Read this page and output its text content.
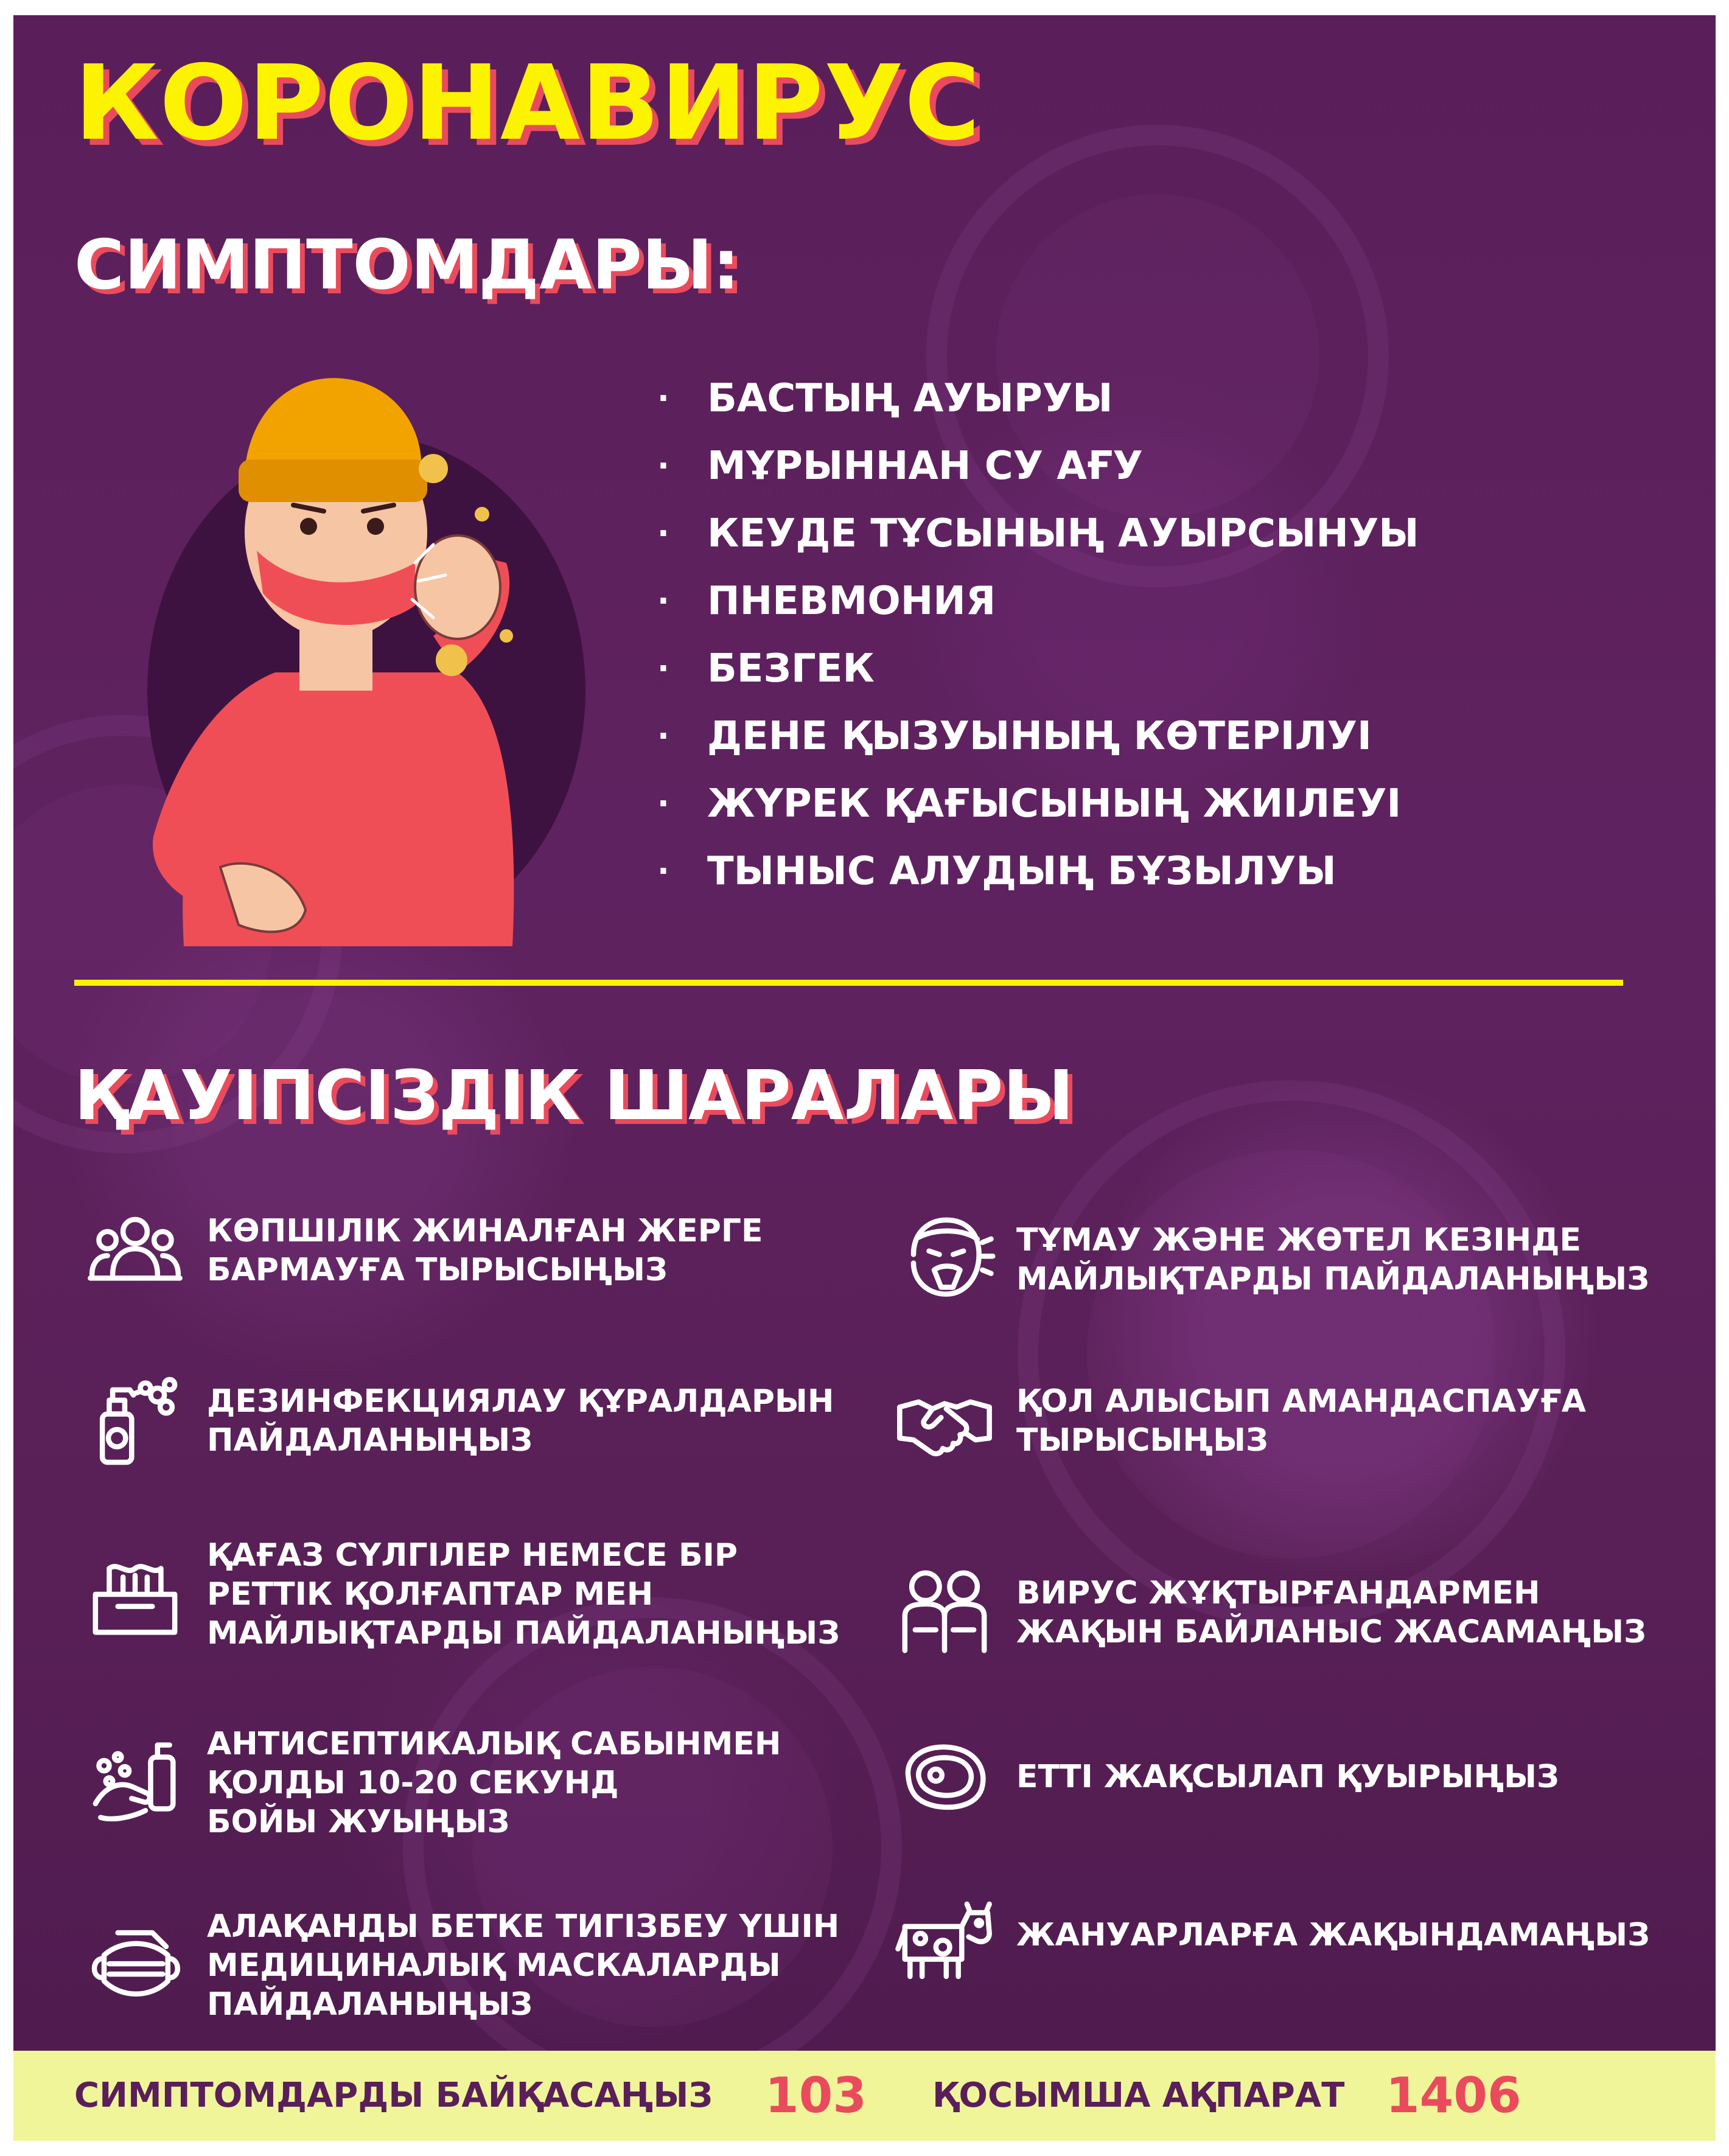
КОРОНАВИРУС
СИМПТОМДАРЫ:
· БАСТЫҢ АУЫРУЫ
· МҰРЫННАН СУ АҒУ
· КЕУДЕ ТҰСЫНЫҢ АУЫРСЫНУЫ
· ПНЕВМОНИЯ
· БЕЗГЕК
· ДЕНЕ ҚЫЗУЫНЫҢ КӨТЕРІЛУІ
· ЖҮРЕК ҚАҒЫСЫНЫҢ ЖИІЛЕУІ
· ТЫНЫС АЛУДЫҢ БҰЗЫЛУЫ
ҚАУІПСІЗДІК ШАРАЛАРЫ
КӨПШІЛІК ЖИНАЛҒАН ЖЕРГЕ
БАРМАУҒА ТЫРЫСЫҢЫЗ
ДЕЗИНФЕКЦИЯЛАУ ҚҰРАЛДАРЫН
ПАЙДАЛАНЫҢЫЗ
ҚАҒАЗ СҮЛГІЛЕР НЕМЕСЕ БІР
РЕТТІК ҚОЛҒАПТАР МЕН
МАЙЛЫҚТАРДЫ ПАЙДАЛАНЫҢЫЗ
АНТИСЕПТИКАЛЫҚ САБЫНМЕН
ҚОЛДЫ 10-20 СЕКУНД
БОЙЫ ЖУЫҢЫЗ
АЛАҚАНДЫ БЕТКЕ ТИГІЗБЕУ ҮШІН
МЕДИЦИНАЛЫҚ МАСКАЛАРДЫ
ПАЙДАЛАНЫҢЫЗ
ТҰМАУ ЖӘНЕ ЖӨТЕЛ КЕЗІНДЕ
МАЙЛЫҚТАРДЫ ПАЙДАЛАНЫҢЫЗ
ҚОЛ АЛЫСЫП АМАНДАСПАУҒА
ТЫРЫСЫҢЫЗ
ВИРУС ЖҰҚТЫРҒАНДАРМЕН
ЖАҚЫН БАЙЛАНЫС ЖАСАМАҢЫЗ
ЕТТІ ЖАҚСЫЛАП ҚУЫРЫҢЫЗ
ЖАНУАРЛАРҒА ЖАҚЫНДАМАҢЫЗ
СИМПТОМДАРДЫ БАЙҚАСАҢЫЗ 103 ҚОСЫМША АҚПАРАТ 1406
